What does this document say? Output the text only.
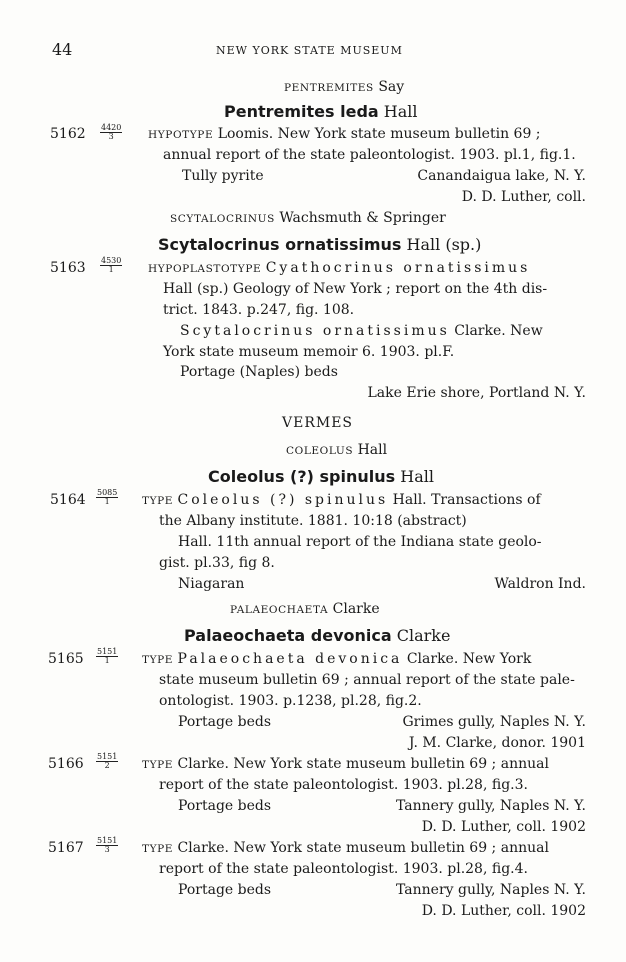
44	NEW YORK STATE MUSEUM
PENTREMITES Say
Pentremites leda Hall
$5162 \frac{4420}{3}$ HYPOTYPE Loomis. New York state museum bulletin 69 ;
annual report of the state paleontologist. 1903. pl.1, fig.1.
Tully pyrite	Canandaigua lake, N. Y.
D. D. Luther, coll.
SCYTALOCRINUS Wachsmuth & Springer
Scytalocrinus ornatissimus Hall (sp.)
$5163 \frac{4530}{1}$ HYPOPLASTOTYPE Cyathocrinus ornatissimus
Hall (sp.) Geology of New York ; report on the 4th dis-
trict. 1843. p.247, fig. 108.
Scytalocrinus ornatissimus Clarke. New
York state museum memoir 6. 1903. pl.F.
Portage (Naples) beds
Lake Erie shore, Portland N. Y.
VERMES
COLEOLUS Hall
Coleolus (?) spinulus Hall
$5164 \frac{5085}{1}$ TYPE Coleolus (?) spinulus Hall. Transactions of
the Albany institute. 1881. 10:18 (abstract)
Hall. 11th annual report of the Indiana state geolo-
gist. pl.33, fig 8.
Niagaran	Waldron Ind.
PALAEOCHAETA Clarke
Palaeochaeta devonica Clarke
$5165 \frac{5151}{1}$ TYPE Palaeochaeta devonica Clarke. New York
state museum bulletin 69 ; annual report of the state pale-
ontologist. 1903. p.1238, pl.28, fig.2.
Portage beds	Grimes gully, Naples N. Y.
J. M. Clarke, donor. 1901
$5166 \frac{5151}{2}$ TYPE Clarke. New York state museum bulletin 69 ; annual
report of the state paleontologist. 1903. pl.28, fig.3.
Portage beds	Tannery gully, Naples N. Y.
D. D. Luther, coll. 1902
$5167 \frac{5151}{3}$ TYPE Clarke. New York state museum bulletin 69 ; annual
report of the state paleontologist. 1903. pl.28, fig.4.
Portage beds	Tannery gully, Naples N. Y.
D. D. Luther, coll. 1902
